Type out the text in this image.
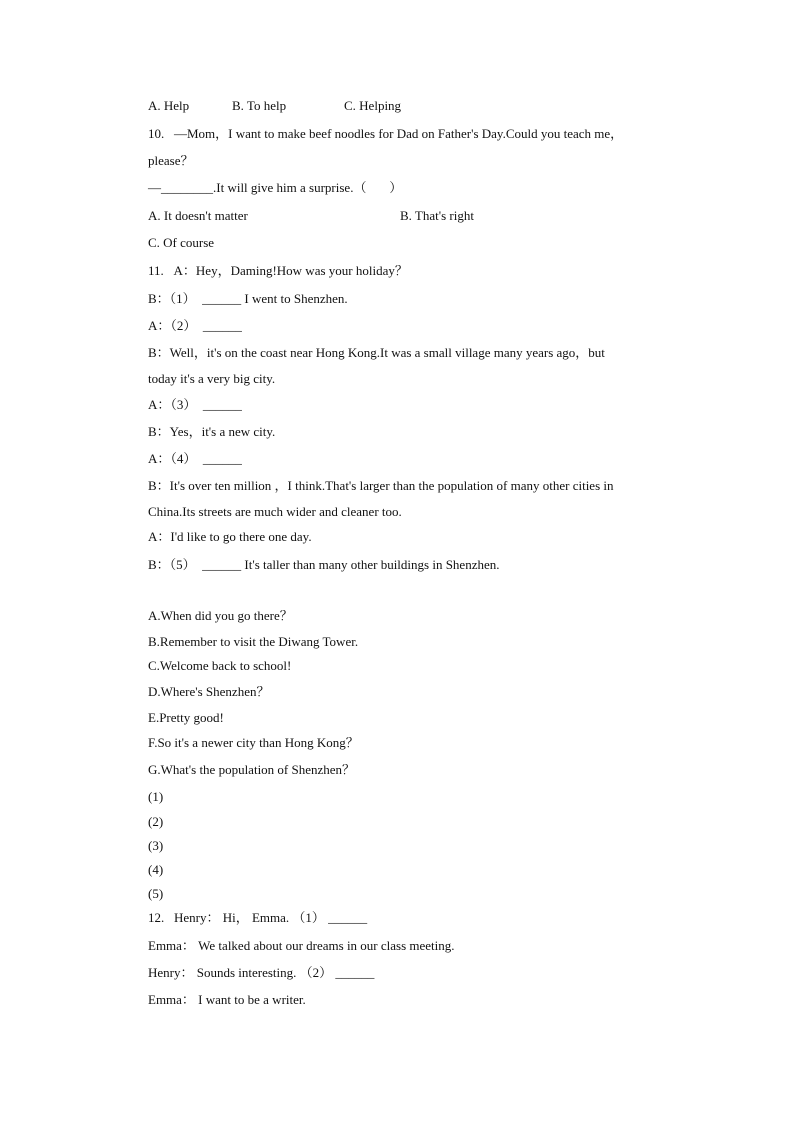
A. Help	B. To help	C. Helping
10.   —Mom，I want to make beef noodles for Dad on Father's Day.Could you teach me，
please？
—________.It will give him a surprise.（       ）
A. It doesn't matter	B. That's right
C. Of course
11.   A：Hey，Daming!How was your holiday？
B：（1）  ______ I went to Shenzhen.
A：（2）  ______
B：Well，it's on the coast near Hong Kong.It was a small village many years ago，but
today it's a very big city.
A：（3）  ______
B：Yes，it's a new city.
A：（4）  ______
B：It's over ten million ，I think.That's larger than the population of many other cities in
China.Its streets are much wider and cleaner too.
A：I'd like to go there one day.
B：（5）  ______ It's taller than many other buildings in Shenzhen.
A.When did you go there？
B.Remember to visit the Diwang Tower.
C.Welcome back to school!
D.Where's Shenzhen？
E.Pretty good!
F.So it's a newer city than Hong Kong？
G.What's the population of Shenzhen？
(1)
(2)
(3)
(4)
(5)
12.   Henry： Hi， Emma. （1） ______
Emma： We talked about our dreams in our class meeting.
Henry： Sounds interesting. （2） ______
Emma： I want to be a writer.
